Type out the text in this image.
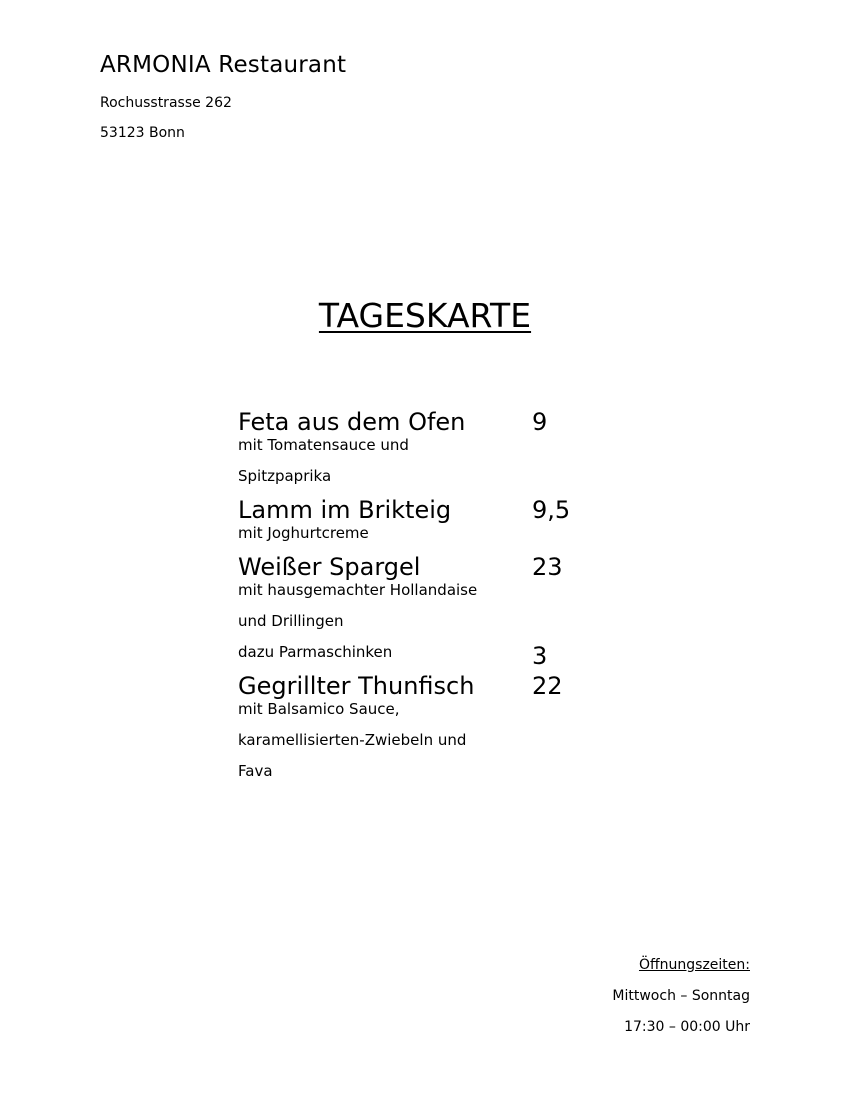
ARMONIA Restaurant

Rochusstrasse 262

53123 Bonn

TAGESKARTE
Feta aus dem Ofen	9
mit Tomatensauce und
Spitzpaprika
Lamm im Brikteig	9,5
mit Joghurtcreme
Weißer Spargel	23
mit hausgemachter Hollandaise
und Drillingen
dazu Parmaschinken	3
Gegrillter Thunfisch 22
mit Balsamico Sauce,
karamellisierten-Zwiebeln und
Fava

Öffnungszeiten:

Mittwoch – Sonntag

17:30 – 00:00 Uhr
